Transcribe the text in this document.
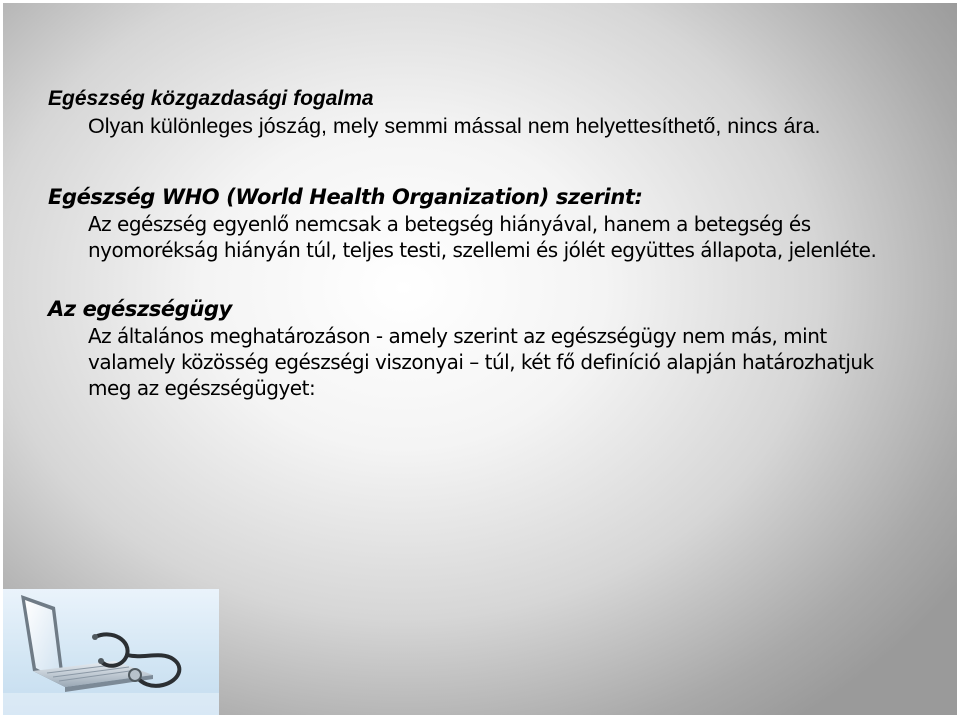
Egészség közgazdasági fogalma

Olyan különleges jószág, mely semmi mással nem helyettesíthető, nincs ára.

Egészség WHO (World Health Organization) szerint:

Az egészség egyenlő nemcsak a betegség hiányával, hanem a betegség és nyomorékság hiányán túl, teljes testi, szellemi és jólét együttes állapota, jelenléte.

Az egészségügy

Az általános meghatározáson - amely szerint az egészségügy nem más, mint valamely közösség egészségi viszonyai – túl, két fő definíció alapján határozhatjuk meg az egészségügyet:
